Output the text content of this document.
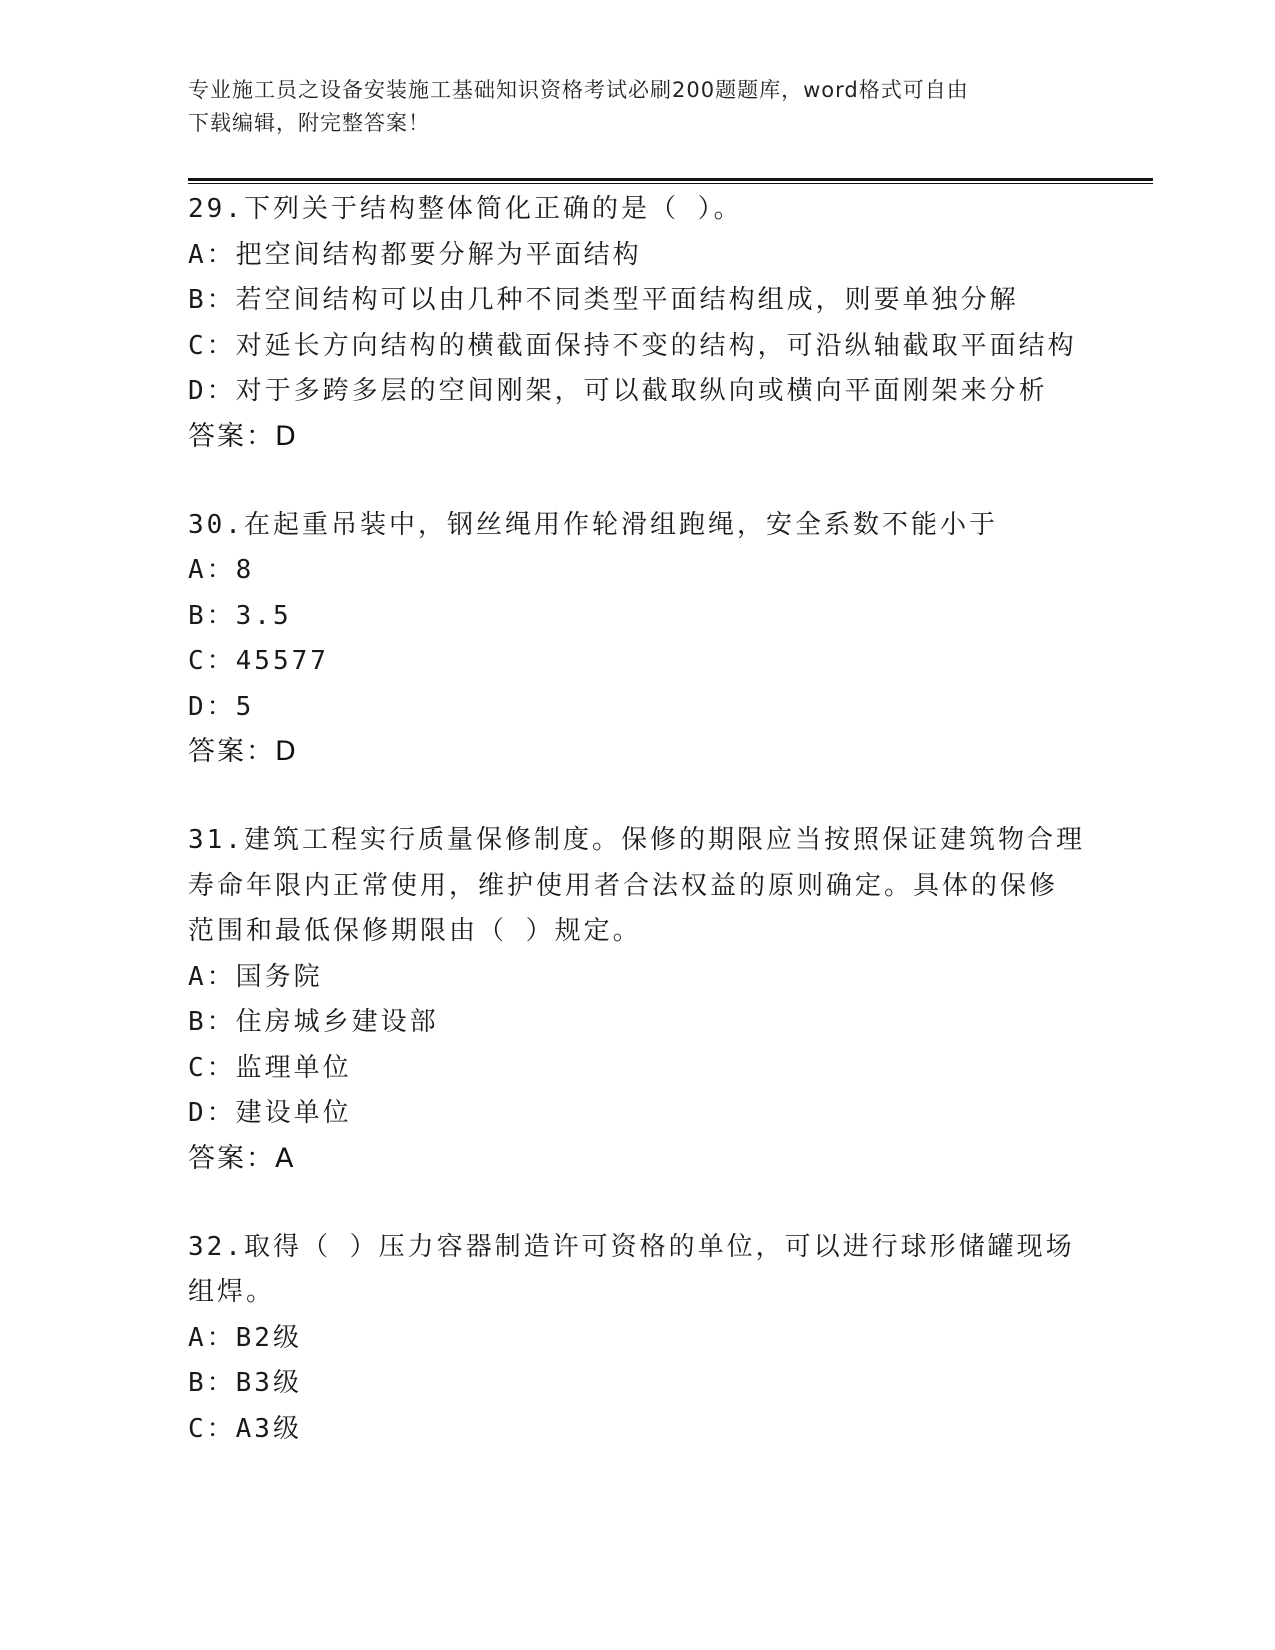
专业施工员之设备安装施工基础知识资格考试必刷200题题库，word格式可自由
下载编辑，附完整答案！
29.下列关于结构整体简化正确的是（ ）。
A：把空间结构都要分解为平面结构
B：若空间结构可以由几种不同类型平面结构组成，则要单独分解
C：对延长方向结构的横截面保持不变的结构，可沿纵轴截取平面结构
D：对于多跨多层的空间刚架，可以截取纵向或横向平面刚架来分析
答案：D
30.在起重吊装中，钢丝绳用作轮滑组跑绳，安全系数不能小于
A：8
B：3.5
C：45577
D：5
答案：D
31.建筑工程实行质量保修制度。保修的期限应当按照保证建筑物合理
寿命年限内正常使用，维护使用者合法权益的原则确定。具体的保修
范围和最低保修期限由（ ）规定。
A：国务院
B：住房城乡建设部
C：监理单位
D：建设单位
答案：A
32.取得（ ）压力容器制造许可资格的单位，可以进行球形储罐现场
组焊。
A：B2级
B：B3级
C：A3级
